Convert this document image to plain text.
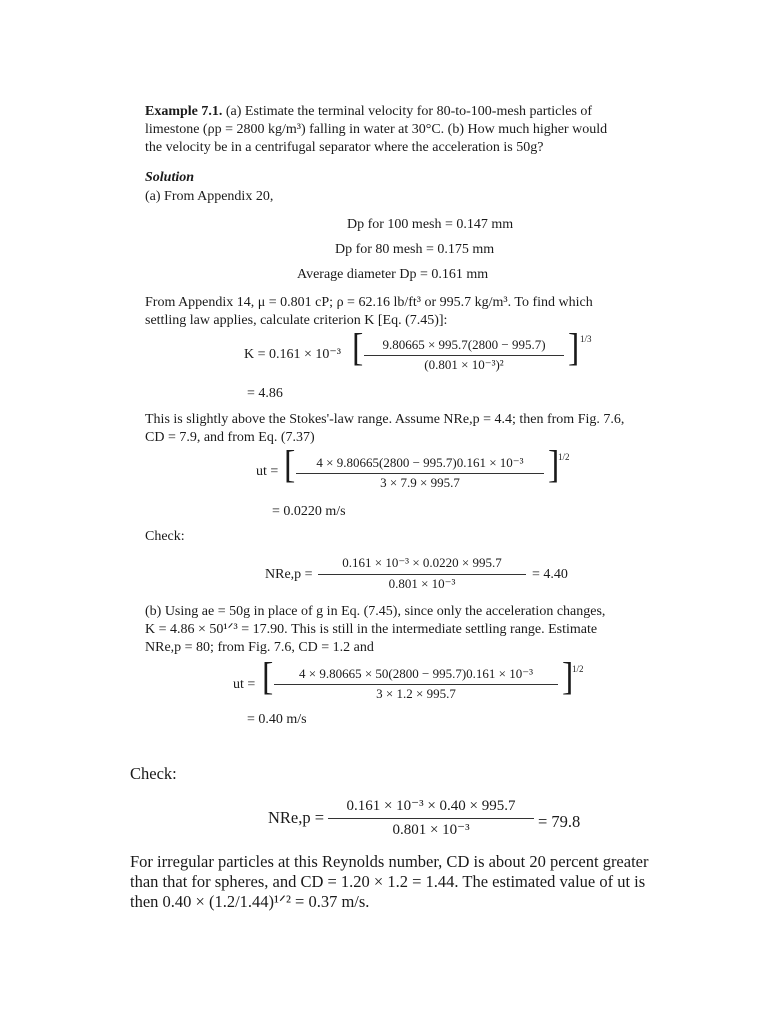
Example 7.1. (a) Estimate the terminal velocity for 80-to-100-mesh particles of
limestone (ρp = 2800 kg/m³) falling in water at 30°C. (b) How much higher would
the velocity be in a centrifugal separator where the acceleration is 50g?
Solution
(a) From Appendix 20,
Dp for 100 mesh = 0.147 mm
Dp for 80 mesh = 0.175 mm
Average diameter Dp = 0.161 mm
From Appendix 14, μ = 0.801 cP; ρ = 62.16 lb/ft³ or 995.7 kg/m³. To find which
settling law applies, calculate criterion K [Eq. (7.45)]:
K = 0.161 × 10⁻³ [	9.80665 × 995.7(2800 − 995.7)
(0.801 × 10⁻³)²	] 1/3
= 4.86
This is slightly above the Stokes'-law range. Assume NRe,p = 4.4; then from Fig. 7.6,
CD = 7.9, and from Eq. (7.37)
ut = [	4 × 9.80665(2800 − 995.7)0.161 × 10⁻³
3 × 7.9 × 995.7	]
1/2
= 0.0220 m/s
Check:
NRe,p =
0.161 × 10⁻³ × 0.0220 × 995.7
0.801 × 10⁻³
= 4.40
(b) Using ae = 50g in place of g in Eq. (7.45), since only the acceleration changes,
K = 4.86 × 50¹ᐟ³ = 17.90. This is still in the intermediate settling range. Estimate
NRe,p = 80; from Fig. 7.6, CD = 1.2 and
ut = [	4 × 9.80665 × 50(2800 − 995.7)0.161 × 10⁻³
3 × 1.2 × 995.7	]
1/2
= 0.40 m/s
Check:
NRe,p =
0.161 × 10⁻³ × 0.40 × 995.7
0.801 × 10⁻³	= 79.8
For irregular particles at this Reynolds number, CD is about 20 percent greater
than that for spheres, and CD = 1.20 × 1.2 = 1.44. The estimated value of ut is
then 0.40 × (1.2/1.44)¹ᐟ² = 0.37 m/s.
